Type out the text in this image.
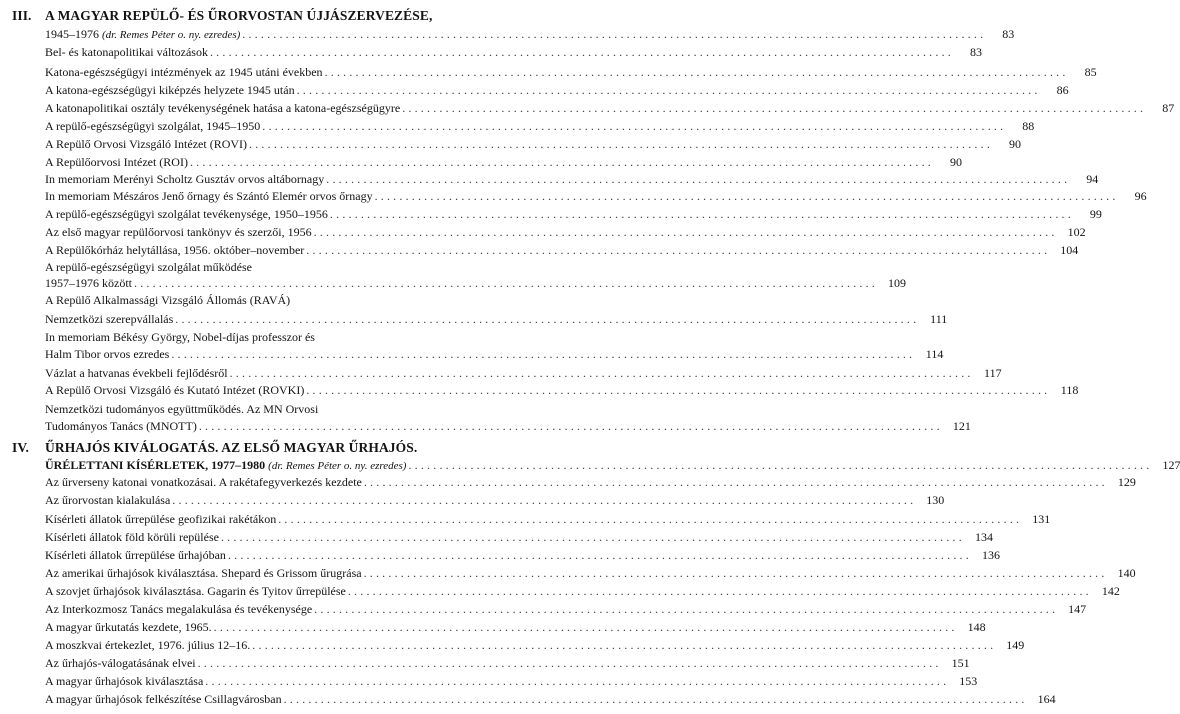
III. A MAGYAR REPÜLŐ- ÉS ŰRORVOSTAN ÚJJÁSZERVEZÉSE,
1945–1976 (dr. Remes Péter o. ny. ezredes) ........................................................................................................................	83
Bel- és katonapolitikai változások ........................................................................................................................	83
Katona-egészségügyi intézmények az 1945 utáni években ........................................................................................................................	85
A katona-egészségügyi kiképzés helyzete 1945 után ........................................................................................................................	86
A katonapolitikai osztály tevékenységének hatása a katona-egészségügyre ........................................................................................................................	87
A repülő-egészségügyi szolgálat, 1945–1950 ........................................................................................................................	88
A Repülő Orvosi Vizsgáló Intézet (ROVI) ........................................................................................................................	90
A Repülőorvosi Intézet (ROI) ........................................................................................................................	90
In memoriam Merényi Scholtz Gusztáv orvos altábornagy ........................................................................................................................	94
In memoriam Mészáros Jenő őrnagy és Szántó Elemér orvos őrnagy ........................................................................................................................	96
A repülő-egészségügyi szolgálat tevékenysége, 1950–1956 ........................................................................................................................	99
Az első magyar repülőorvosi tankönyv és szerzői, 1956 ........................................................................................................................ 102
A Repülőkórház helytállása, 1956. október–november ........................................................................................................................ 104
A repülő-egészségügyi szolgálat működése
1957–1976 között ........................................................................................................................ 109
A Repülő Alkalmassági Vizsgáló Állomás (RAVÁ)
Nemzetközi szerepvállalás ........................................................................................................................ 111
In memoriam Békésy György, Nobel-díjas professzor és
Halm Tibor orvos ezredes ........................................................................................................................ 114
Vázlat a hatvanas évekbeli fejlődésről ........................................................................................................................ 117
A Repülő Orvosi Vizsgáló és Kutató Intézet (ROVKI) ........................................................................................................................ 118
Nemzetközi tudományos együttműködés. Az MN Orvosi
Tudományos Tanács (MNOTT) ........................................................................................................................ 121
IV.	ŰRHAJÓS KIVÁLOGATÁS. AZ ELSŐ MAGYAR ŰRHAJÓS.
ŰRÉLETTANI KÍSÉRLETEK, 1977–1980 (dr. Remes Péter o. ny. ezredes) ........................................................................................................................ 127
Az űrverseny katonai vonatkozásai. A rakétafegyverkezés kezdete ........................................................................................................................ 129
Az űrorvostan kialakulása ........................................................................................................................ 130
Kísérleti állatok űrrepülése geofizikai rakétákon ........................................................................................................................ 131
Kísérleti állatok föld körüli repülése ........................................................................................................................ 134
Kísérleti állatok űrrepülése űrhajóban ........................................................................................................................ 136
Az amerikai űrhajósok kiválasztása. Shepard és Grissom űrugrása ........................................................................................................................ 140
A szovjet űrhajósok kiválasztása. Gagarin és Tyitov űrrepülése ........................................................................................................................ 142
Az Interkozmosz Tanács megalakulása és tevékenysége ........................................................................................................................ 147
A magyar űrkutatás kezdete, 1965. ........................................................................................................................ 148
A moszkvai értekezlet, 1976. július 12–16. ........................................................................................................................ 149
Az űrhajós-válogatásának elvei ........................................................................................................................ 151
A magyar űrhajósok kiválasztása ........................................................................................................................ 153
A magyar űrhajósok felkészítése Csillagvárosban ........................................................................................................................ 164
